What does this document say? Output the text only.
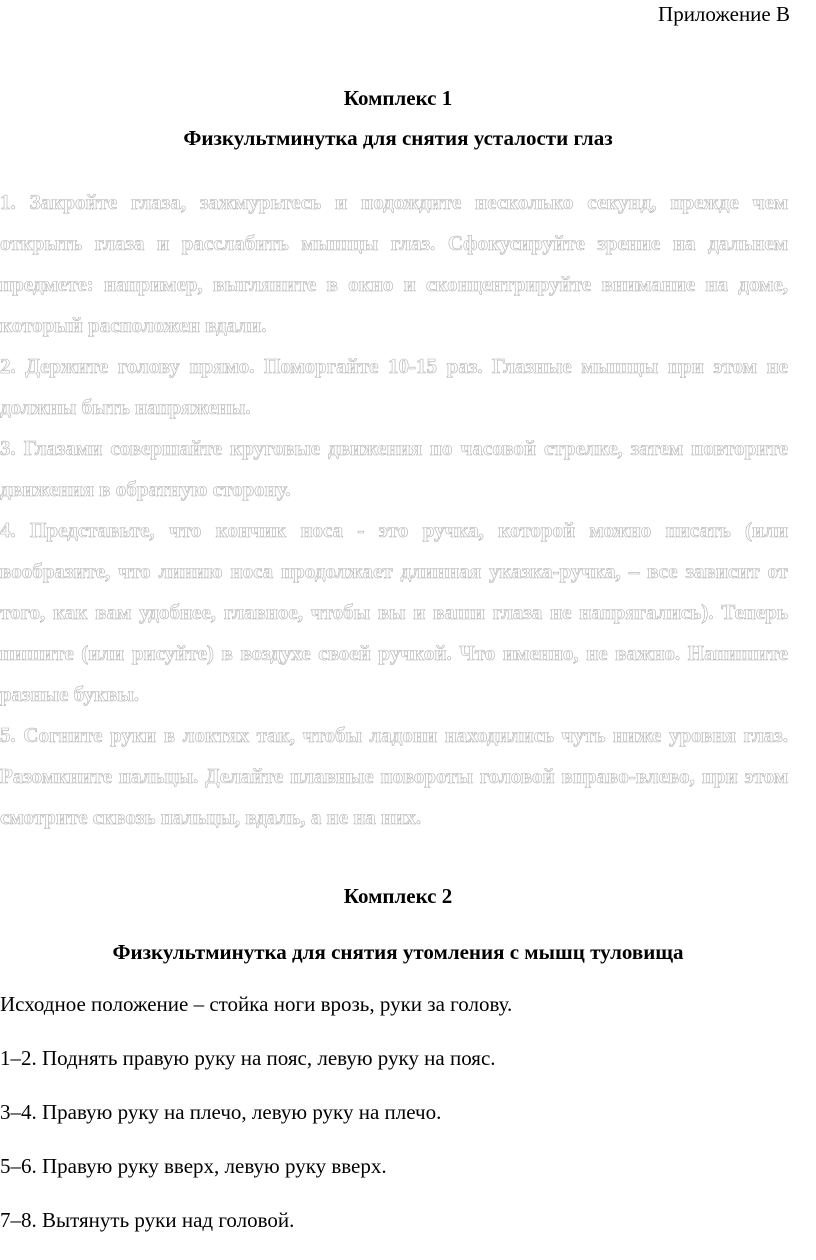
Приложение В
Комплекс 1
Физкультминутка для снятия усталости глаз

1. Закройте глаза, зажмурьтесь и подождите несколько секунд, прежде чем открыть глаза и расслабить мышцы глаз. Сфокусируйте зрение на дальнем предмете: например, выгляните в окно и сконцентрируйте внимание на доме, который расположен вдали.

2. Держите голову прямо. Поморгайте 10-15 раз. Глазные мышцы при этом не должны быть напряжены.

3. Глазами совершайте круговые движения по часовой стрелке, затем повторите движения в обратную сторону.

4. Представьте, что кончик носа - это ручка, которой можно писать (или вообразите, что линию носа продолжает длинная указка-ручка, – все зависит от того, как вам удобнее, главное, чтобы вы и ваши глаза не напрягались). Теперь пишите (или рисуйте) в воздухе своей ручкой. Что именно, не важно. Напишите разные буквы.

5. Согните руки в локтях так, чтобы ладони находились чуть ниже уровня глаз. Разомкните пальцы. Делайте плавные повороты головой вправо-влево, при этом смотрите сквозь пальцы, вдаль, а не на них.

Комплекс 2
Физкультминутка для снятия утомления с мышц туловища
Исходное положение – стойка ноги врозь, руки за голову.
1–2. Поднять правую руку на пояс, левую руку на пояс.
3–4. Правую руку на плечо, левую руку на плечо.
5–6. Правую руку вверх, левую руку вверх.
7–8. Вытянуть руки над головой.
